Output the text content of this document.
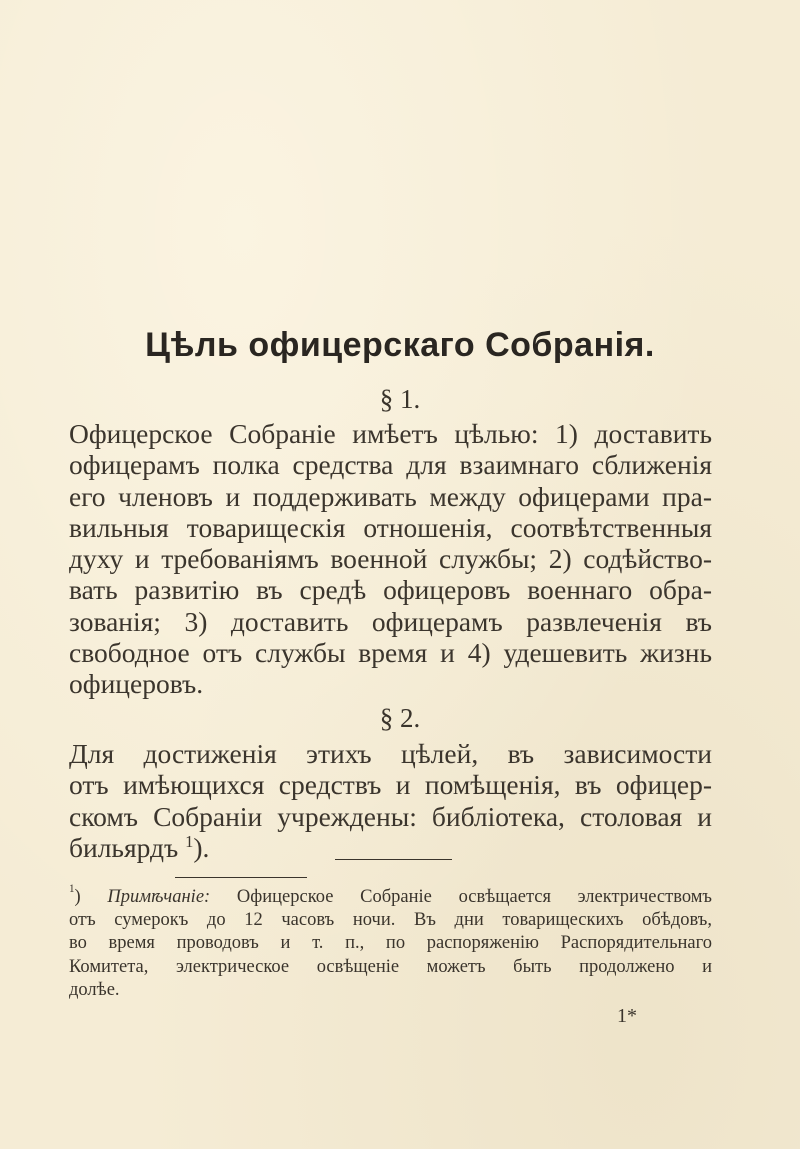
Цѣль офицерскаго Собранія.
§ 1.
Офицерское Собраніе имѣетъ цѣлью: 1) доставить
офицерамъ полка средства для взаимнаго сближенія
его членовъ и поддерживать между офицерами пра-
вильныя товарищескія отношенія, соотвѣтственныя
духу и требованіямъ военной службы; 2) содѣйство-
вать развитію въ средѣ офицеровъ военнаго обра-
зованія; 3) доставить офицерамъ развлеченія въ
свободное отъ службы время и 4) удешевить жизнь
офицеровъ.
§ 2.
Для достиженія этихъ цѣлей, въ зависимости
отъ имѣющихся средствъ и помѣщенія, въ офицер-
скомъ Собраніи учреждены: библіотека, столовая и
бильярдъ $^1$).
$^1$) Примѣчаніе: Офицерское Собраніе освѣщается электричествомъ
отъ сумерокъ до 12 часовъ ночи. Въ дни товарищескихъ обѣдовъ,
во время проводовъ и т. п., по распоряженію Распорядительнаго
Комитета, электрическое освѣщеніе можетъ быть продолжено и
долѣе.
1*
